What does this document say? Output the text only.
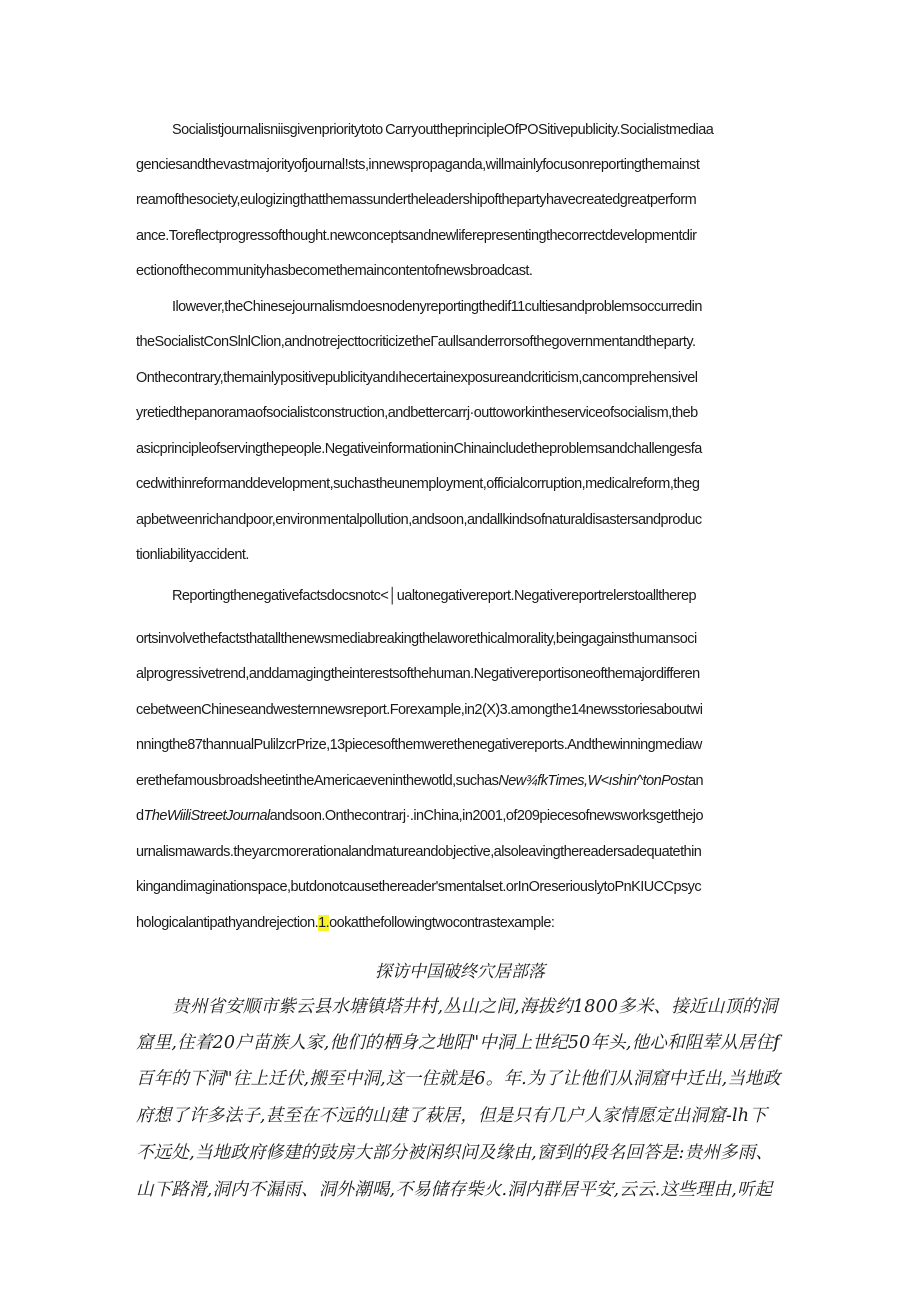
Socialistjournalisniisgivenprioritytoto CarryouttheprincipleOfPOSitivepublicity.Socialistmediaa
genciesandthevastmajorityofjournal!sts,innewspropaganda,willmainlyfocusonreportingthemainst
reamofthesociety,eulogizingthatthemassundertheleadershipofthepartyhavecreatedgreatperform
ance.Toreflectprogressofthought.newconceptsandnewliferepresentingthecorrectdevelopmentdir
ectionofthecommunityhasbecomethemaincontentofnewsbroadcast.
Ilowever,theChinesejournalismdoesnodenyreportingthedif11cultiesandproblemsoccurredin
theSocialistConSlnlClion,andnotrejecttocriticizetheΓaullsanderrorsofthegovernmentandtheparty.
Onthecontrary,themainlypositivepublicityandıhecertainexposureandcriticism,cancomprehensivel
yretiedthepanoramaofsocialistconstruction,andbettercarrj·outtoworkintheserviceofsocialism,theb
asicprincipleofservingthepeople.NegativeinformationinChinaincludetheproblemsandchallengesfa
cedwithinreformanddevelopment,suchastheunemployment,officialcorruption,medicalreform,theg
apbetweenrichandpoor,environmentalpollution,andsoon,andallkindsofnaturaldisastersandproduc
tionliabilityaccident.
Reportingthenegativefactsdocsnotc<│ualtonegativereport.Negativereportrelerstoalltherep
ortsinvolvethefactsthatallthenewsmediabreakingthelaworethicalmorality,beingagainsthumansoci
alprogressivetrend,anddamagingtheinterestsofthehuman.Negativereportisoneofthemajordifferen
cebetweenChineseandwesternnewsreport.Forexample,in2(X)3.amongthe14newsstoriesaboutwi
nningthe87thannualPulilzcrPrize,13piecesofthemwerethenegativereports.Andthewinningmediaw
erethefamousbroadsheetintheAmericaeveninthewotld,suchasNew¾fkTimes,W<ıshin^tonPostan
dTheWiiliStreetJournalandsoon.Onthecontrarj·.inChina,in2001,of209piecesofnewsworksgetthejo
urnalismawards.theyarcmorerationalandmatureandobjective,alsoleavingthereadersadequatethin
kingandimaginationspace,butdonotcausethereader'smentalset.orInOreseriouslytoPnKIUCCpsyc
hologicalantipathyandrejection.1.ookatthefollowingtwocontrastexample:
探访中国破终穴居部落
贵州省安顺市紫云县水塘镇塔井村,丛山之间,海拔约1800多米、接近山顶的洞
窟里,住着20户苗族人家,他们的栖身之地阳"中洞上世纪50年头,他心和阻荤从居住f
百年的下洞"往上迁伏,搬至中洞,这一住就是6。年.为了让他们从洞窟中迁出,当地政
府想了许多法子,甚至在不远的山建了萩居，但是只有几户人家情愿定出洞窟-lh下
不远处,当地政府修建的豉房大部分被闲织问及缘由,窗到的段名回答是:贵州多雨、
山下路滑,洞内不漏雨、洞外潮喝,不易储存柴火.洞内群居平安,云云.这些理由,听起
